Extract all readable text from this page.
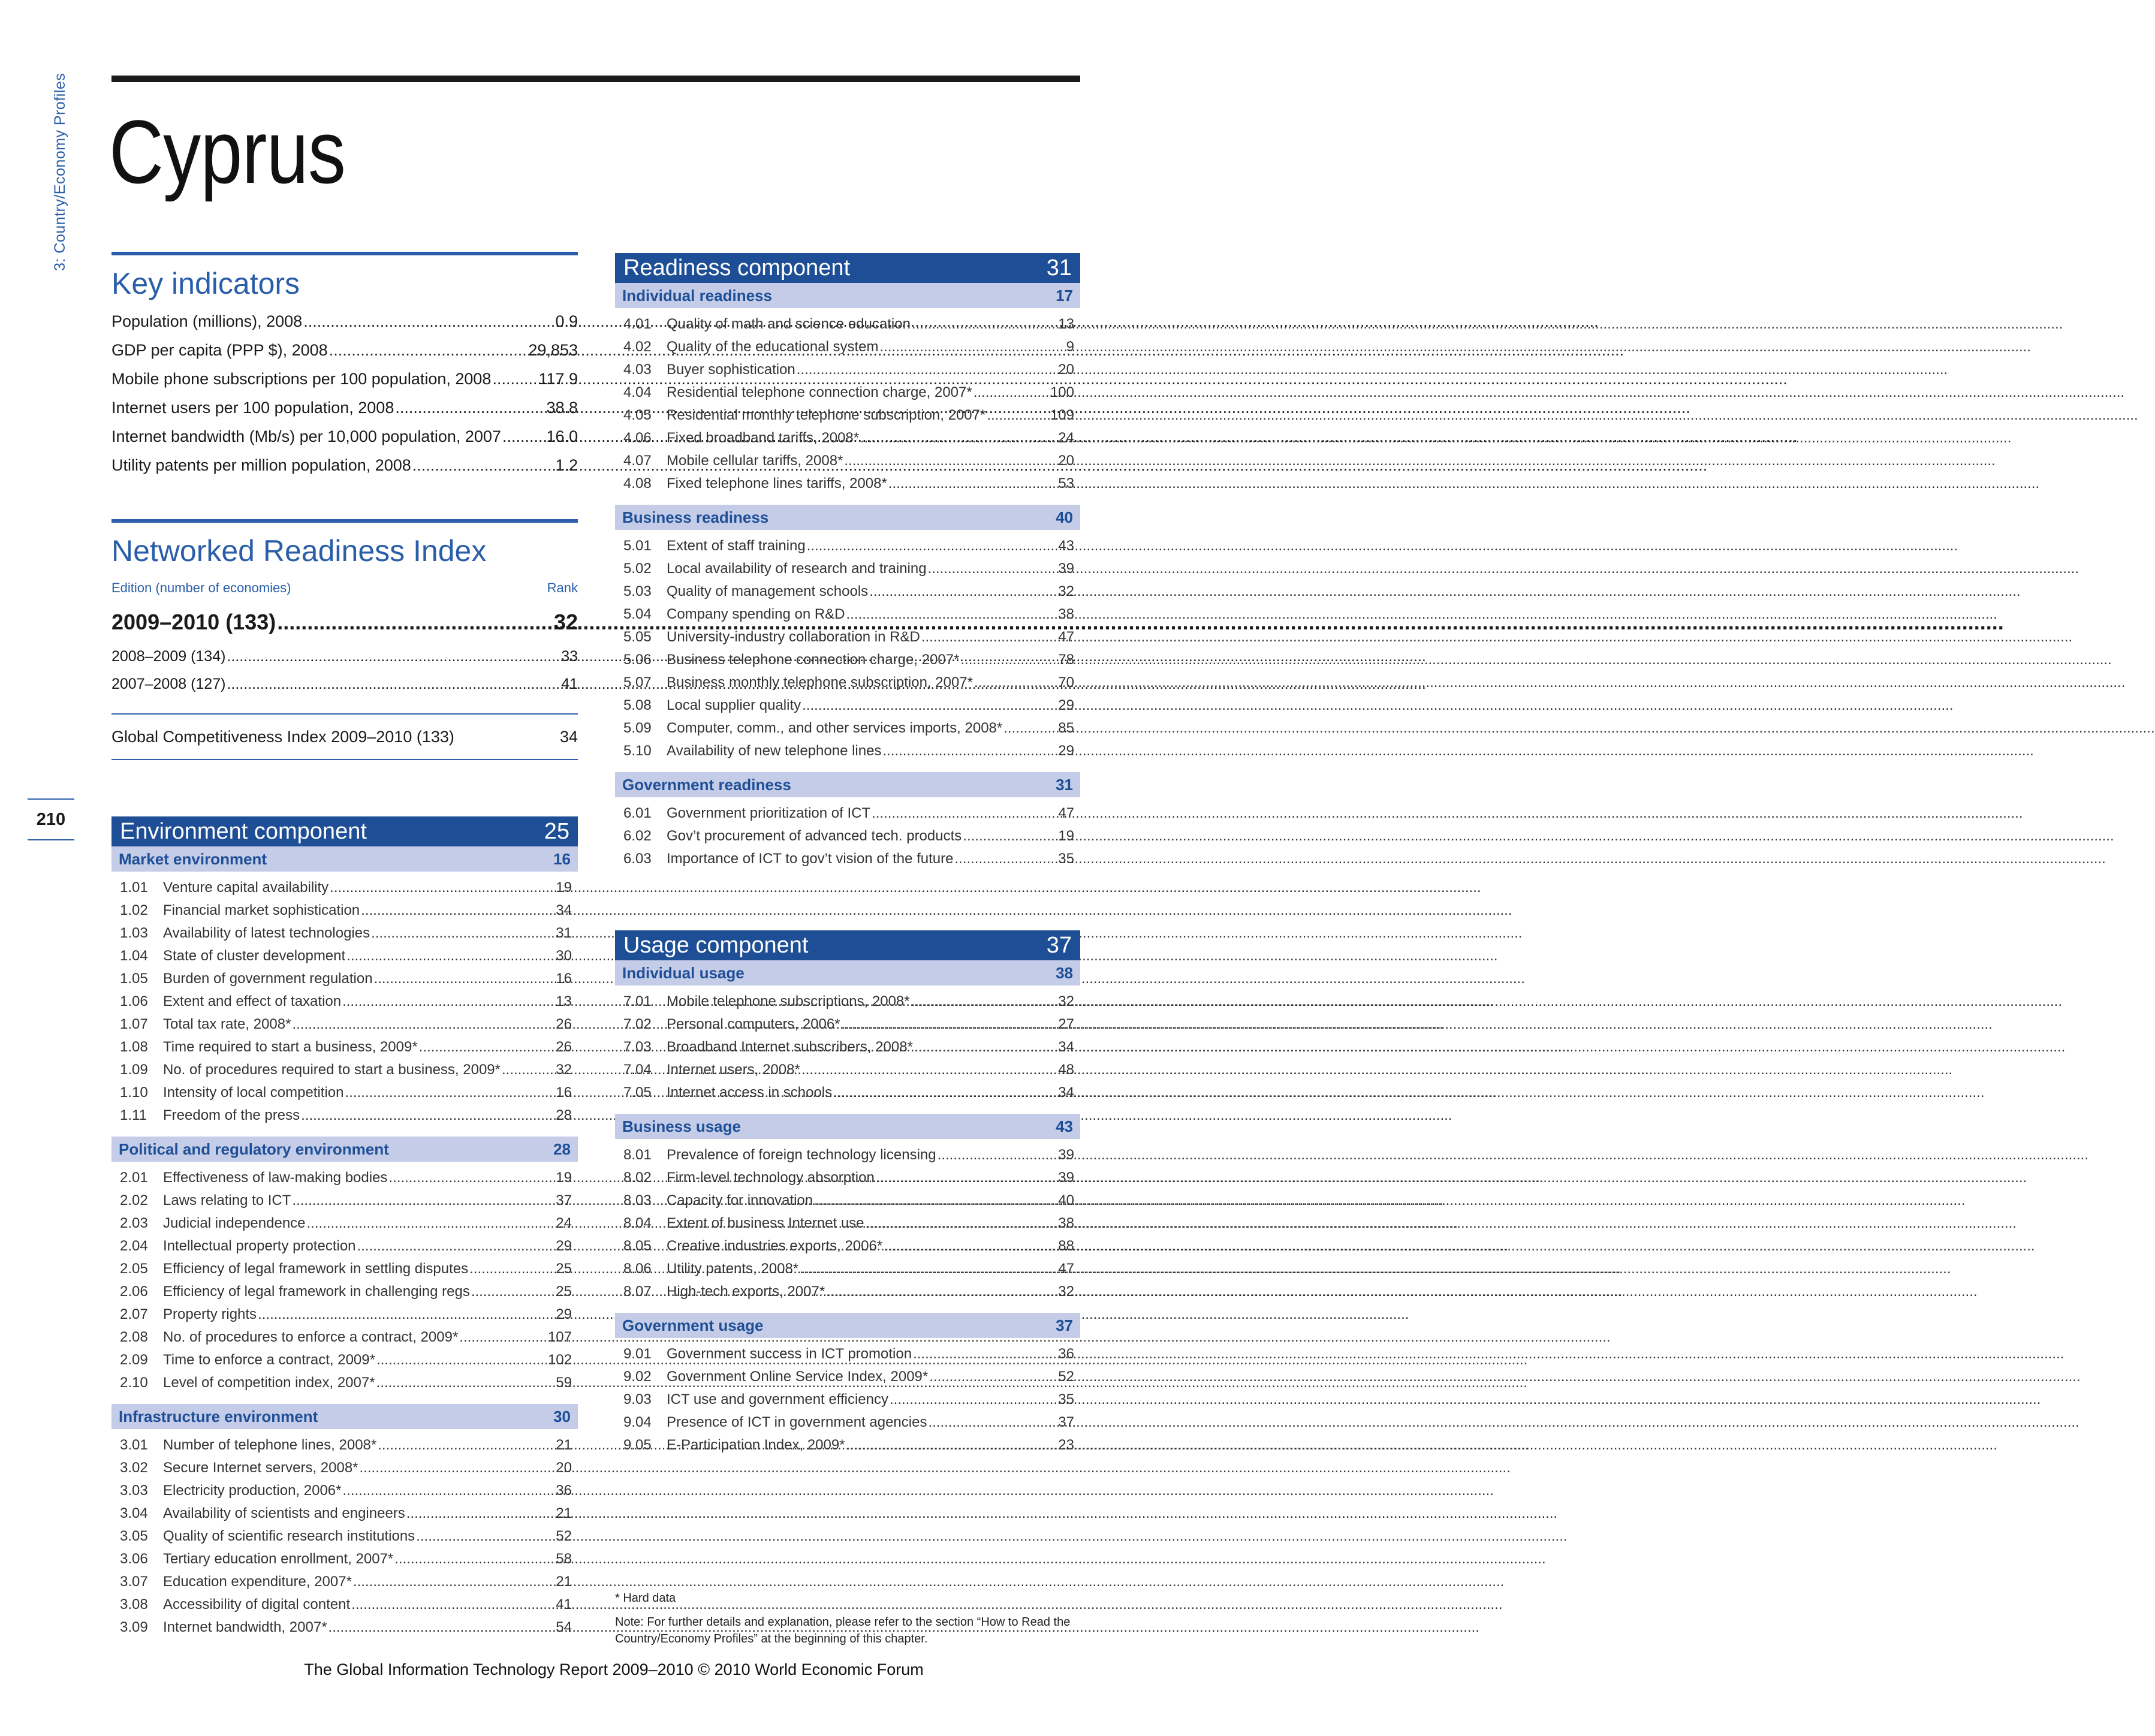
3: Country/Economy Profiles
210
Cyprus
Key indicators
Population (millions), 2008 .....	0.9
GDP per capita (PPP $), 2008 .....	29,853
Mobile phone subscriptions per 100 population, 2008 .....	117.9
Internet users per 100 population, 2008 .....	38.8
Internet bandwidth (Mb/s) per 10,000 population, 2007 .....	16.0
Utility patents per million population, 2008 .....	1.2
Networked Readiness Index
Edition (number of economies)	Rank
2009–2010 (133) .....	32
2008–2009 (134) .....	33
2007–2008 (127) .....	41
Global Competitiveness Index 2009–2010 (133)	34
Environment component	25
Market environment	16
1.01	Venture capital availability .....	19
1.02	Financial market sophistication .....	34
1.03	Availability of latest technologies .....	31
1.04	State of cluster development .....	30
1.05	Burden of government regulation .....	16
1.06	Extent and effect of taxation .....	13
1.07	Total tax rate, 2008* .....	26
1.08	Time required to start a business, 2009* .....	26
1.09	No. of procedures required to start a business, 2009* .....	32
1.10	Intensity of local competition .....	16
1.11	Freedom of the press .....	28
Political and regulatory environment	28
2.01	Effectiveness of law-making bodies .....	19
2.02	Laws relating to ICT .....	37
2.03	Judicial independence .....	24
2.04	Intellectual property protection .....	29
2.05	Efficiency of legal framework in settling disputes .....	25
2.06	Efficiency of legal framework in challenging regs .....	25
2.07	Property rights .....	29
2.08	No. of procedures to enforce a contract, 2009* .....	107
2.09	Time to enforce a contract, 2009* .....	102
2.10	Level of competition index, 2007* .....	59
Infrastructure environment	30
3.01	Number of telephone lines, 2008* .....	21
3.02	Secure Internet servers, 2008* .....	20
3.03	Electricity production, 2006* .....	36
3.04	Availability of scientists and engineers .....	21
3.05	Quality of scientific research institutions .....	52
3.06	Tertiary education enrollment, 2007* .....	58
3.07	Education expenditure, 2007* .....	21
3.08	Accessibility of digital content .....	41
3.09	Internet bandwidth, 2007* .....	54
Readiness component	31
Individual readiness	17
4.01	Quality of math and science education .....	13
4.02	Quality of the educational system .....	9
4.03	Buyer sophistication .....	20
4.04	Residential telephone connection charge, 2007* .....	100
4.05	Residential monthly telephone subscription, 2007* .....	109
4.06	Fixed broadband tariffs, 2008* .....	24
4.07	Mobile cellular tariffs, 2008* .....	20
4.08	Fixed telephone lines tariffs, 2008* .....	53
Business readiness	40
5.01	Extent of staff training .....	43
5.02	Local availability of research and training .....	39
5.03	Quality of management schools .....	32
5.04	Company spending on R&D .....	38
5.05	University-industry collaboration in R&D .....	47
5.06	Business telephone connection charge, 2007* .....	78
5.07	Business monthly telephone subscription, 2007* .....	70
5.08	Local supplier quality .....	29
5.09	Computer, comm., and other services imports, 2008* .....	85
5.10	Availability of new telephone lines .....	29
Government readiness	31
6.01	Government prioritization of ICT .....	47
6.02	Gov’t procurement of advanced tech. products .....	19
6.03	Importance of ICT to gov’t vision of the future .....	35
Usage component	37
Individual usage	38
7.01	Mobile telephone subscriptions, 2008* .....	32
7.02	Personal computers, 2006* .....	27
7.03	Broadband Internet subscribers, 2008* .....	34
7.04	Internet users, 2008* .....	48
7.05	Internet access in schools .....	34
Business usage	43
8.01	Prevalence of foreign technology licensing .....	39
8.02	Firm-level technology absorption .....	39
8.03	Capacity for innovation .....	40
8.04	Extent of business Internet use .....	38
8.05	Creative industries exports, 2006* .....	88
8.06	Utility patents, 2008* .....	47
8.07	High-tech exports, 2007* .....	32
Government usage	37
9.01	Government success in ICT promotion .....	36
9.02	Government Online Service Index, 2009* .....	52
9.03	ICT use and government efficiency .....	35
9.04	Presence of ICT in government agencies .....	37
9.05	E-Participation Index, 2009* .....	23
* Hard data
Note: For further details and explanation, please refer to the section “How to Read the Country/Economy Profiles” at the beginning of this chapter.
The Global Information Technology Report 2009–2010 © 2010 World Economic Forum
